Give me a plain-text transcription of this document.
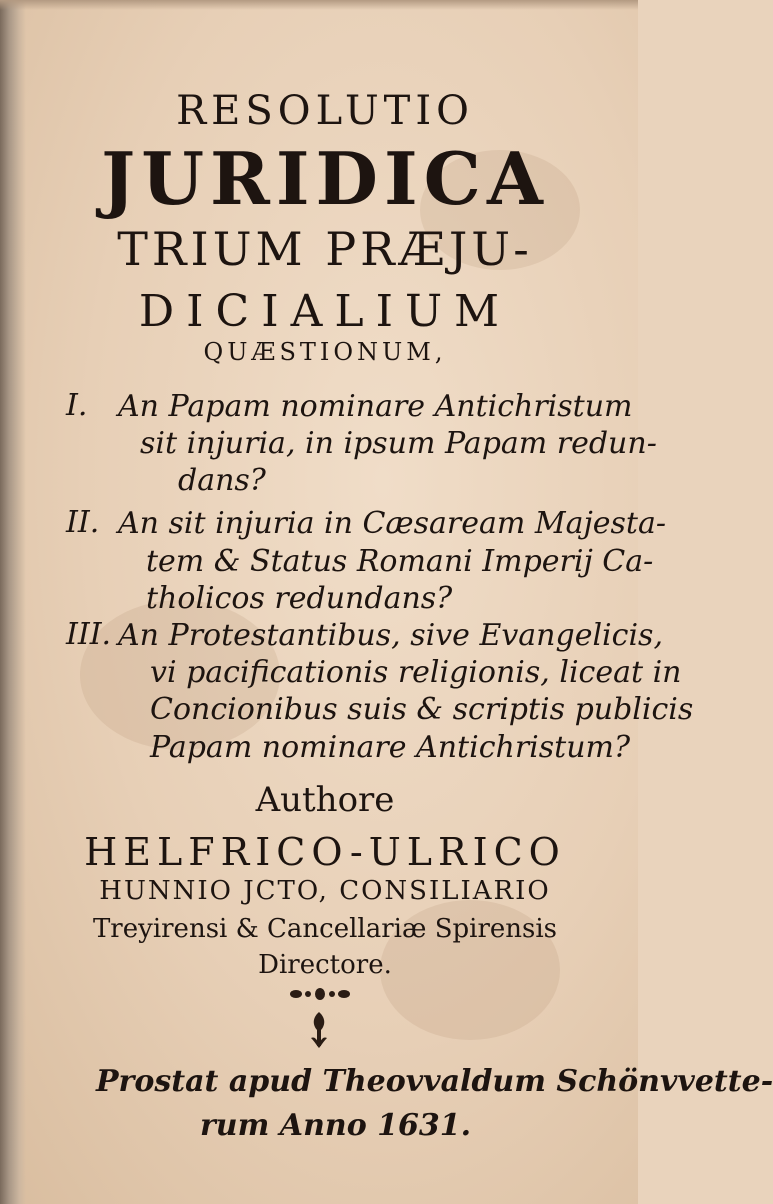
RESOLUTIO
JURIDICA
TRIUM PRÆJU-
DICIALIUM
QUÆSTIONUM,
I. An Papam nominare Antichristum
sit injuria, in ipsum Papam redun-
dans?
II. An sit injuria in Cæsaream Majesta-
tem & Status Romani Imperij Ca-
tholicos redundans?
III. An Protestantibus, sive Evangelicis,
vi pacificationis religionis, liceat in
Concionibus suis & scriptis publicis
Papam nominare Antichristum?
Authore
HELFRICO-ULRICO
HUNNIO JCTO, CONSILIARIO
Treyirensi & Cancellariæ Spirensis
Directore.
Prostat apud Theovvaldum Schönvvette-
rum Anno 1631.
